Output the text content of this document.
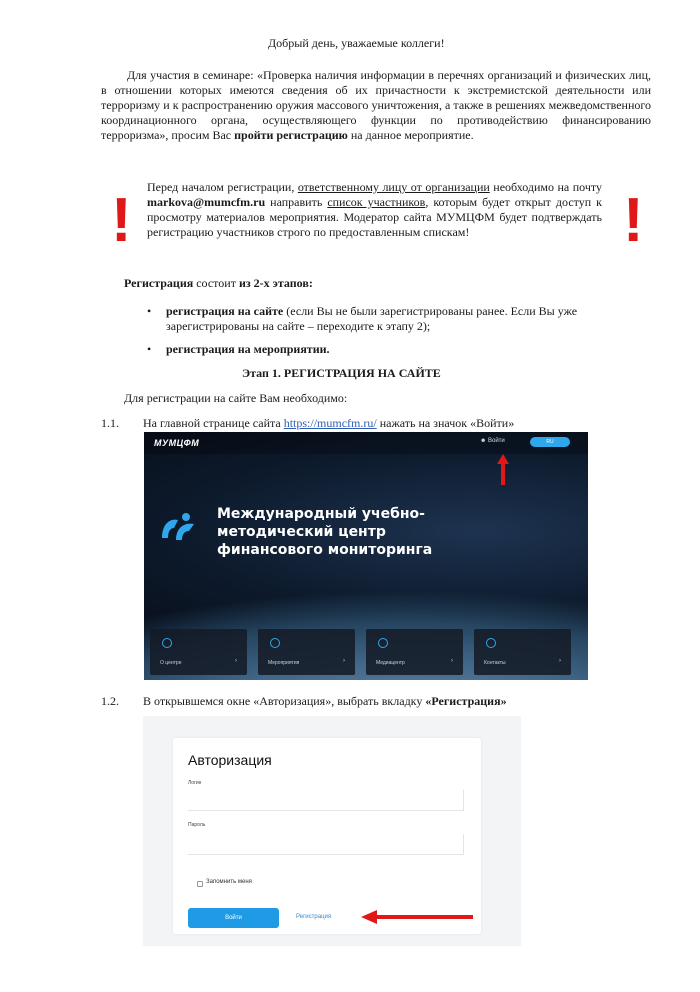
Добрый день, уважаемые коллеги!
Для участия в семинаре: «Проверка наличия информации в перечнях организаций и физических лиц, в отношении которых имеются сведения об их причастности к экстремистской деятельности или терроризму и к распространению оружия массового уничтожения, а также в решениях межведомственного координационного органа, осуществляющего функции по противодействию финансированию терроризма», просим Вас пройти регистрацию на данное мероприятие.
!	!
Перед началом регистрации, ответственному лицу от организации необходимо на почту markova@mumcfm.ru направить список участников, которым будет открыт доступ к просмотру материалов мероприятия. Модератор сайта МУМЦФМ будет подтверждать регистрацию участников строго по предоставленным спискам!
Регистрация состоит из 2-х этапов:
• регистрация на сайте (если Вы не были зарегистрированы ранее. Если Вы уже зарегистрированы на сайте – переходите к этапу 2);
• регистрация на мероприятии.
Этап 1. РЕГИСТРАЦИЯ НА САЙТЕ
Для регистрации на сайте Вам необходимо:
1.1. На главной странице сайта https://mumcfm.ru/ нажать на значок «Войти»
МУМЦФМ	☻ Войти	RU
Международный учебно-методический центр финансового мониторинга
О центре	›	Мероприятия	›	Медиацентр	›	Контакты	›
1.2. В открывшемся окне «Авторизация», выбрать вкладку «Регистрация»
Авторизация
Логин
Пароль
Запомнить меня
Войти	Регистрация
